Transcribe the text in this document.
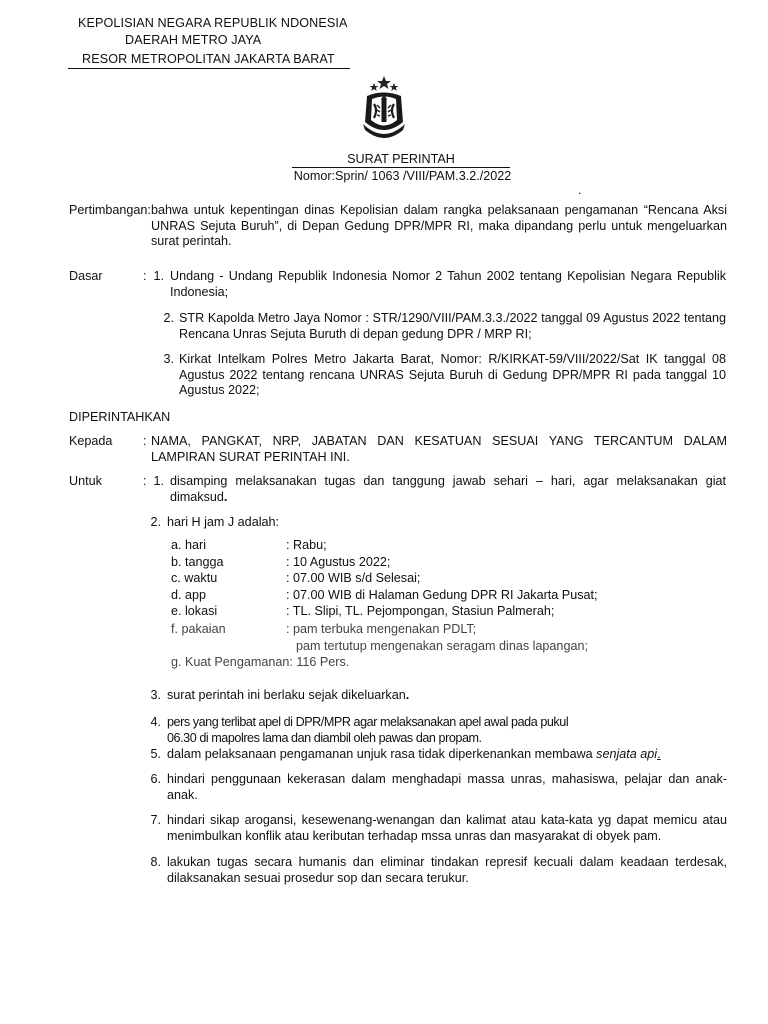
KEPOLISIAN NEGARA REPUBLIK NDONESIA
DAERAH METRO JAYA
RESOR METROPOLITAN JAKARTA BARAT
SURAT PERINTAH
Nomor:Sprin/ 1063 /VIII/PAM.3.2./2022
.
Pertimbangan: bahwa untuk kepentingan dinas Kepolisian dalam rangka pelaksanaan pengamanan “Rencana Aksi UNRAS Sejuta Buruh”, di Depan Gedung DPR/MPR RI, maka dipandang perlu untuk mengeluarkan surat perintah.
Dasar	: 1. Undang - Undang Republik Indonesia Nomor 2 Tahun 2002 tentang Kepolisian Negara Republik Indonesia;
2. STR Kapolda Metro Jaya Nomor : STR/1290/VIII/PAM.3.3./2022 tanggal 09 Agustus 2022 tentang Rencana Unras Sejuta Buruth di depan gedung DPR / MRP RI;
3. Kirkat Intelkam Polres Metro Jakarta Barat, Nomor: R/KIRKAT-59/VIII/2022/Sat IK tanggal 08 Agustus 2022 tentang rencana UNRAS Sejuta Buruh di Gedung DPR/MPR RI pada tanggal 10 Agustus 2022;
DIPERINTAHKAN
Kepada : NAMA, PANGKAT, NRP, JABATAN DAN KESATUAN SESUAI YANG TERCANTUM DALAM LAMPIRAN SURAT PERINTAH INI.
Untuk	: 1. disamping melaksanakan tugas dan tanggung jawab sehari – hari, agar melaksanakan giat dimaksud.
2. hari H jam J adalah:
a. hari	: Rabu;
b. tangga	: 10 Agustus 2022;
c. waktu	: 07.00 WIB s/d Selesai;
d. app	: 07.00 WIB di Halaman Gedung DPR RI Jakarta Pusat;
e. lokasi	: TL. Slipi, TL. Pejompongan, Stasiun Palmerah;
f. pakaian	: pam terbuka mengenakan PDLT;
pam tertutup mengenakan seragam dinas lapangan;
g. Kuat Pengamanan: 116 Pers.
3. surat perintah ini berlaku sejak dikeluarkan.
4. pers yang terlibat apel di DPR/MPR agar melaksanakan apel awal pada pukul 06.30 di mapolres lama dan diambil oleh pawas dan propam.
5. dalam pelaksanaan pengamanan unjuk rasa tidak diperkenankan membawa senjata api.
6. hindari penggunaan kekerasan dalam menghadapi massa unras, mahasiswa, pelajar dan anak-anak.
7. hindari sikap arogansi, kesewenang-wenangan dan kalimat atau kata-kata yg dapat memicu atau menimbulkan konflik atau keributan terhadap mssa unras dan masyarakat di obyek pam.
8. lakukan tugas secara humanis dan eliminar tindakan represif kecuali dalam keadaan terdesak, dilaksanakan sesuai prosedur sop dan secara terukur.
